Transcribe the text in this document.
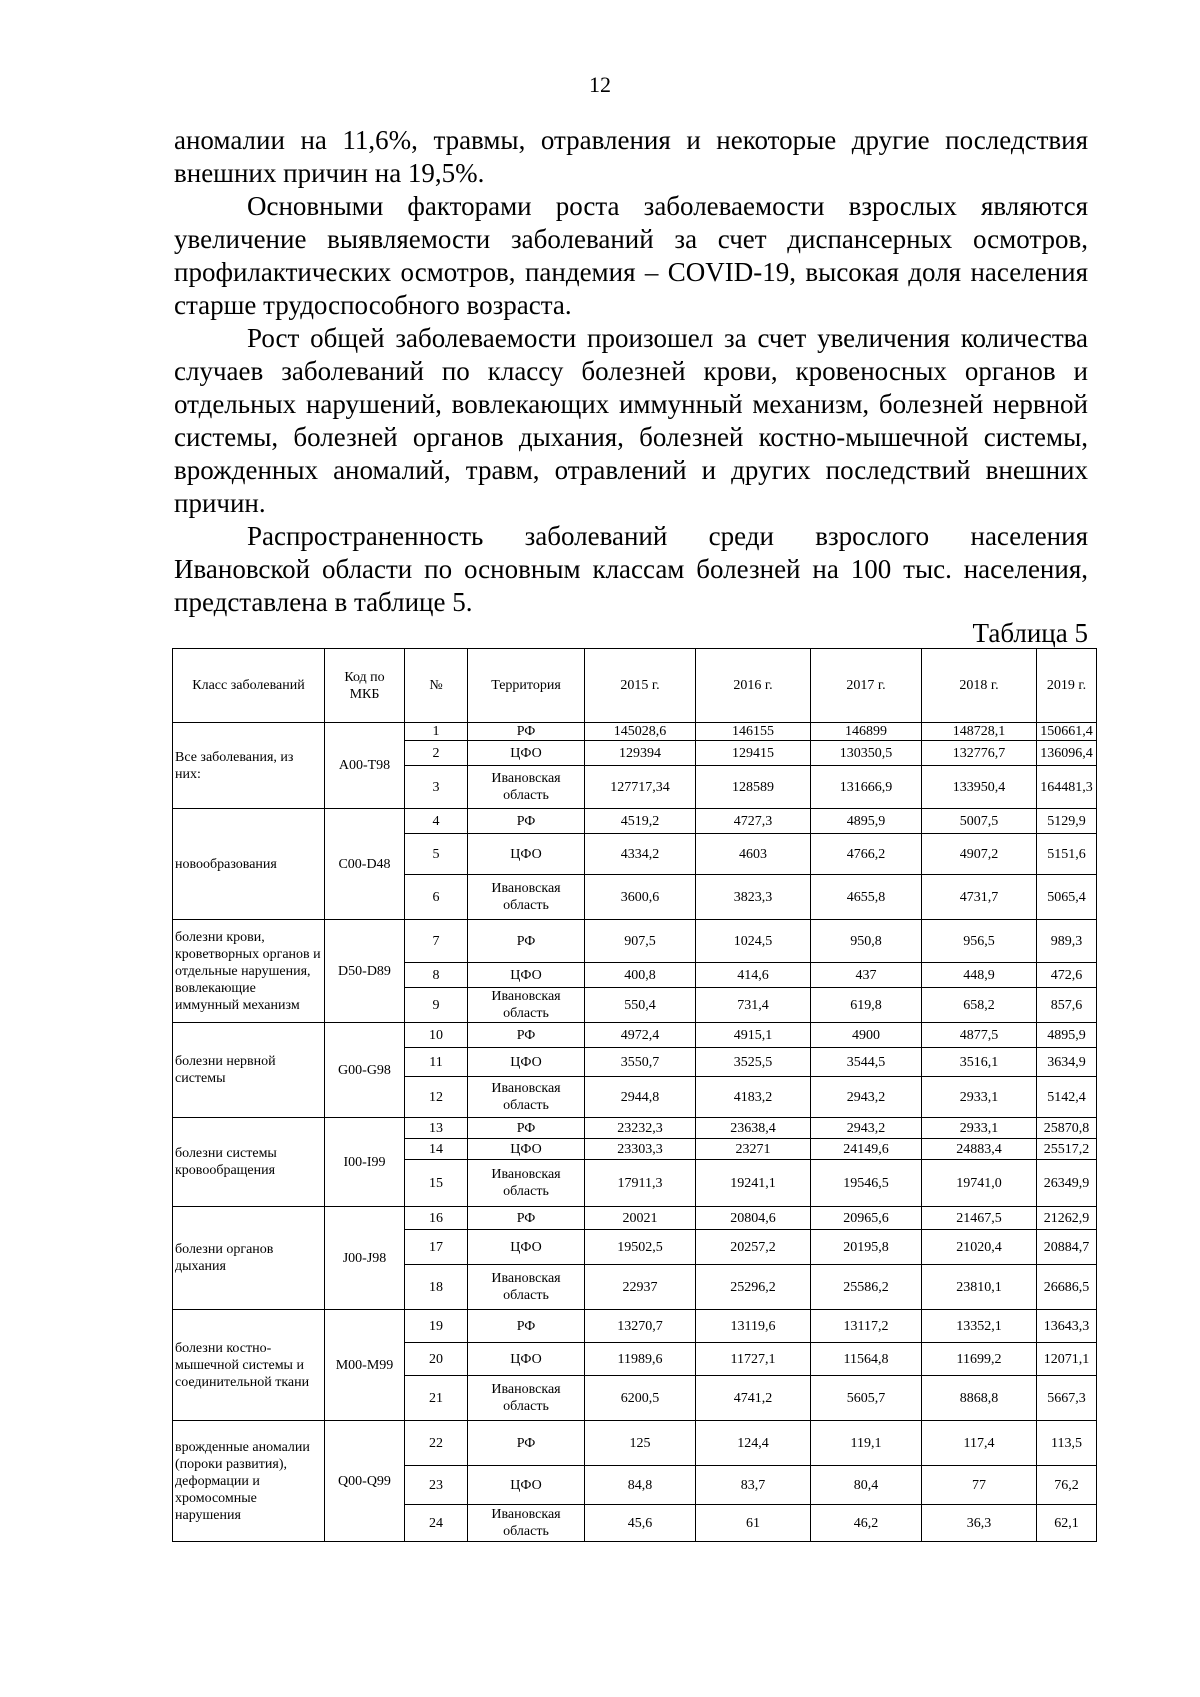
12

аномалии на 11,6%, травмы, отравления и некоторые другие последствия внешних причин на 19,5%.

Основными факторами роста заболеваемости взрослых являются увеличение выявляемости заболеваний за счет диспансерных осмотров, профилактических осмотров, пандемия – COVID-19, высокая доля населения старше трудоспособного возраста.

Рост общей заболеваемости произошел за счет увеличения количества случаев заболеваний по классу болезней крови, кровеносных органов и отдельных нарушений, вовлекающих иммунный механизм, болезней нервной системы, болезней органов дыхания, болезней костно-мышечной системы, врожденных аномалий, травм, отравлений и других последствий внешних причин.

Распространенность заболеваний среди взрослого населения Ивановской области по основным классам болезней на 100 тыс. населения, представлена в таблице 5.

Таблица 5
Класс заболеваний	Код по МКБ	№	Территория	2015 г.	2016 г.	2017 г.	2018 г.	2019 г.
Все заболевания, из них:	A00-T98	1	РФ	145028,6	146155	146899	148728,1	150661,4
		2	ЦФО	129394	129415	130350,5	132776,7	136096,4
		3	Ивановская область	127717,34	128589	131666,9	133950,4	164481,3
новообразования	C00-D48	4	РФ	4519,2	4727,3	4895,9	5007,5	5129,9
		5	ЦФО	4334,2	4603	4766,2	4907,2	5151,6
		6	Ивановская область	3600,6	3823,3	4655,8	4731,7	5065,4
болезни крови, кроветворных органов и отдельные нарушения, вовлекающие иммунный механизм	D50-D89	7	РФ	907,5	1024,5	950,8	956,5	989,3
		8	ЦФО	400,8	414,6	437	448,9	472,6
		9	Ивановская область	550,4	731,4	619,8	658,2	857,6
болезни нервной системы	G00-G98	10	РФ	4972,4	4915,1	4900	4877,5	4895,9
		11	ЦФО	3550,7	3525,5	3544,5	3516,1	3634,9
		12	Ивановская область	2944,8	4183,2	2943,2	2933,1	5142,4
болезни системы кровообращения	I00-I99	13	РФ	23232,3	23638,4	2943,2	2933,1	25870,8
		14	ЦФО	23303,3	23271	24149,6	24883,4	25517,2
		15	Ивановская область	17911,3	19241,1	19546,5	19741,0	26349,9
болезни органов дыхания	J00-J98	16	РФ	20021	20804,6	20965,6	21467,5	21262,9
		17	ЦФО	19502,5	20257,2	20195,8	21020,4	20884,7
		18	Ивановская область	22937	25296,2	25586,2	23810,1	26686,5
болезни костно-мышечной системы и соединительной ткани	M00-M99	19	РФ	13270,7	13119,6	13117,2	13352,1	13643,3
		20	ЦФО	11989,6	11727,1	11564,8	11699,2	12071,1
		21	Ивановская область	6200,5	4741,2	5605,7	8868,8	5667,3
врожденные аномалии (пороки развития), деформации и хромосомные нарушения	Q00-Q99	22	РФ	125	124,4	119,1	117,4	113,5
		23	ЦФО	84,8	83,7	80,4	77	76,2
		24	Ивановская область	45,6	61	46,2	36,3	62,1
